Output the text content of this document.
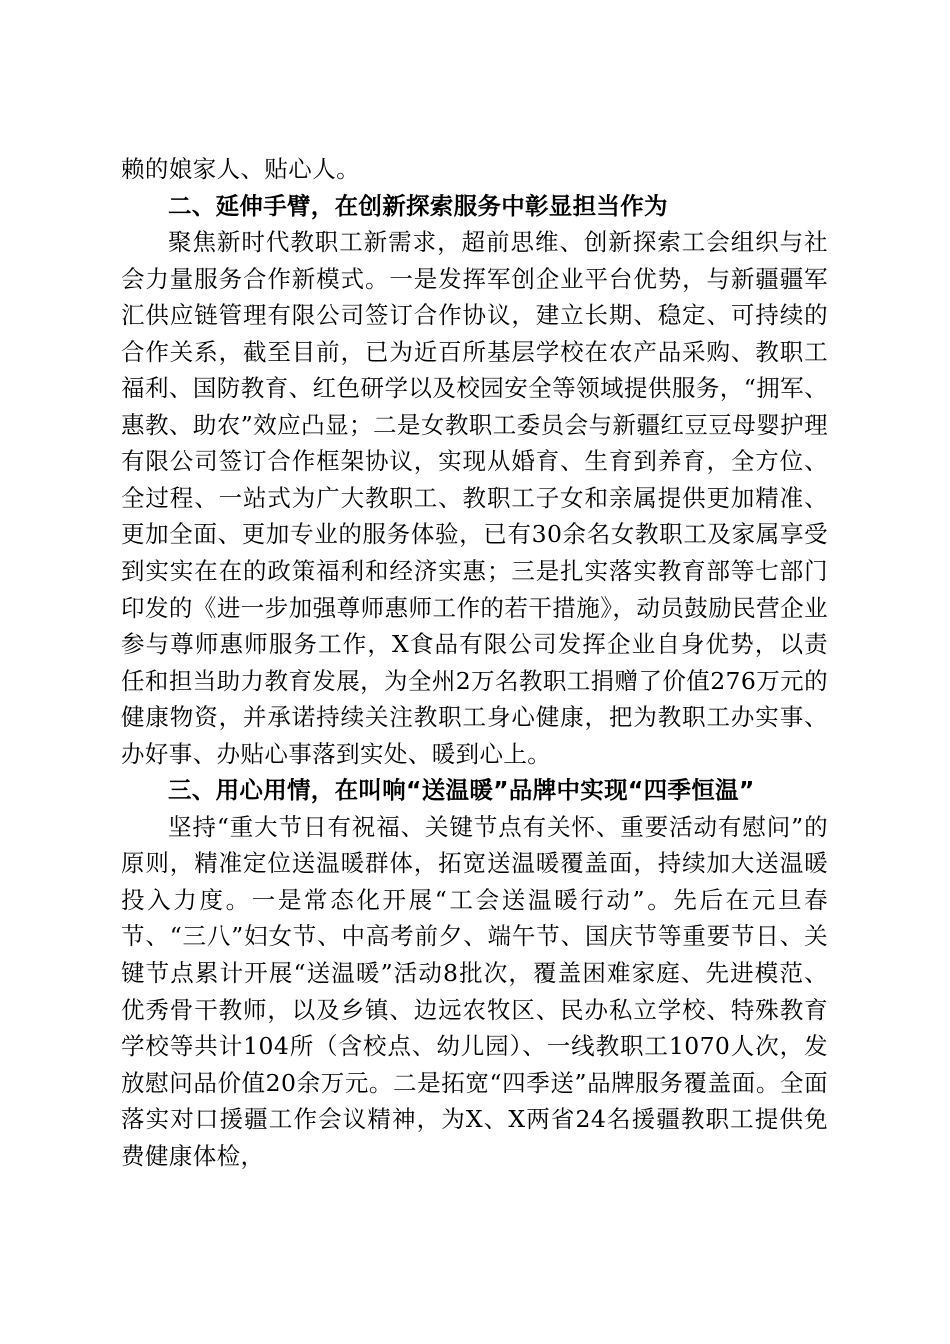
赖的娘家人、贴心人。

二、延伸手臂，在创新探索服务中彰显担当作为

聚焦新时代教职工新需求，超前思维、创新探索工会组织与社会力量服务合作新模式。一是发挥军创企业平台优势，与新疆疆军汇供应链管理有限公司签订合作协议，建立长期、稳定、可持续的合作关系，截至目前，已为近百所基层学校在农产品采购、教职工福利、国防教育、红色研学以及校园安全等领域提供服务，“拥军、惠教、助农”效应凸显；二是女教职工委员会与新疆红豆豆母婴护理有限公司签订合作框架协议，实现从婚育、生育到养育，全方位、全过程、一站式为广大教职工、教职工子女和亲属提供更加精准、更加全面、更加专业的服务体验，已有30余名女教职工及家属享受到实实在在的政策福利和经济实惠；三是扎实落实教育部等七部门印发的《进一步加强尊师惠师工作的若干措施》，动员鼓励民营企业参与尊师惠师服务工作，X食品有限公司发挥企业自身优势，以责任和担当助力教育发展，为全州2万名教职工捐赠了价值276万元的健康物资，并承诺持续关注教职工身心健康，把为教职工办实事、办好事、办贴心事落到实处、暖到心上。

三、用心用情，在叫响“送温暖”品牌中实现“四季恒温”

坚持“重大节日有祝福、关键节点有关怀、重要活动有慰问”的原则，精准定位送温暖群体，拓宽送温暖覆盖面，持续加大送温暖投入力度。一是常态化开展“工会送温暖行动”。先后在元旦春节、“三八”妇女节、中高考前夕、端午节、国庆节等重要节日、关键节点累计开展“送温暖”活动8批次，覆盖困难家庭、先进模范、优秀骨干教师，以及乡镇、边远农牧区、民办私立学校、特殊教育学校等共计104所（含校点、幼儿园）、一线教职工1070人次，发放慰问品价值20余万元。二是拓宽“四季送”品牌服务覆盖面。全面落实对口援疆工作会议精神，为X、X两省24名援疆教职工提供免费健康体检，
